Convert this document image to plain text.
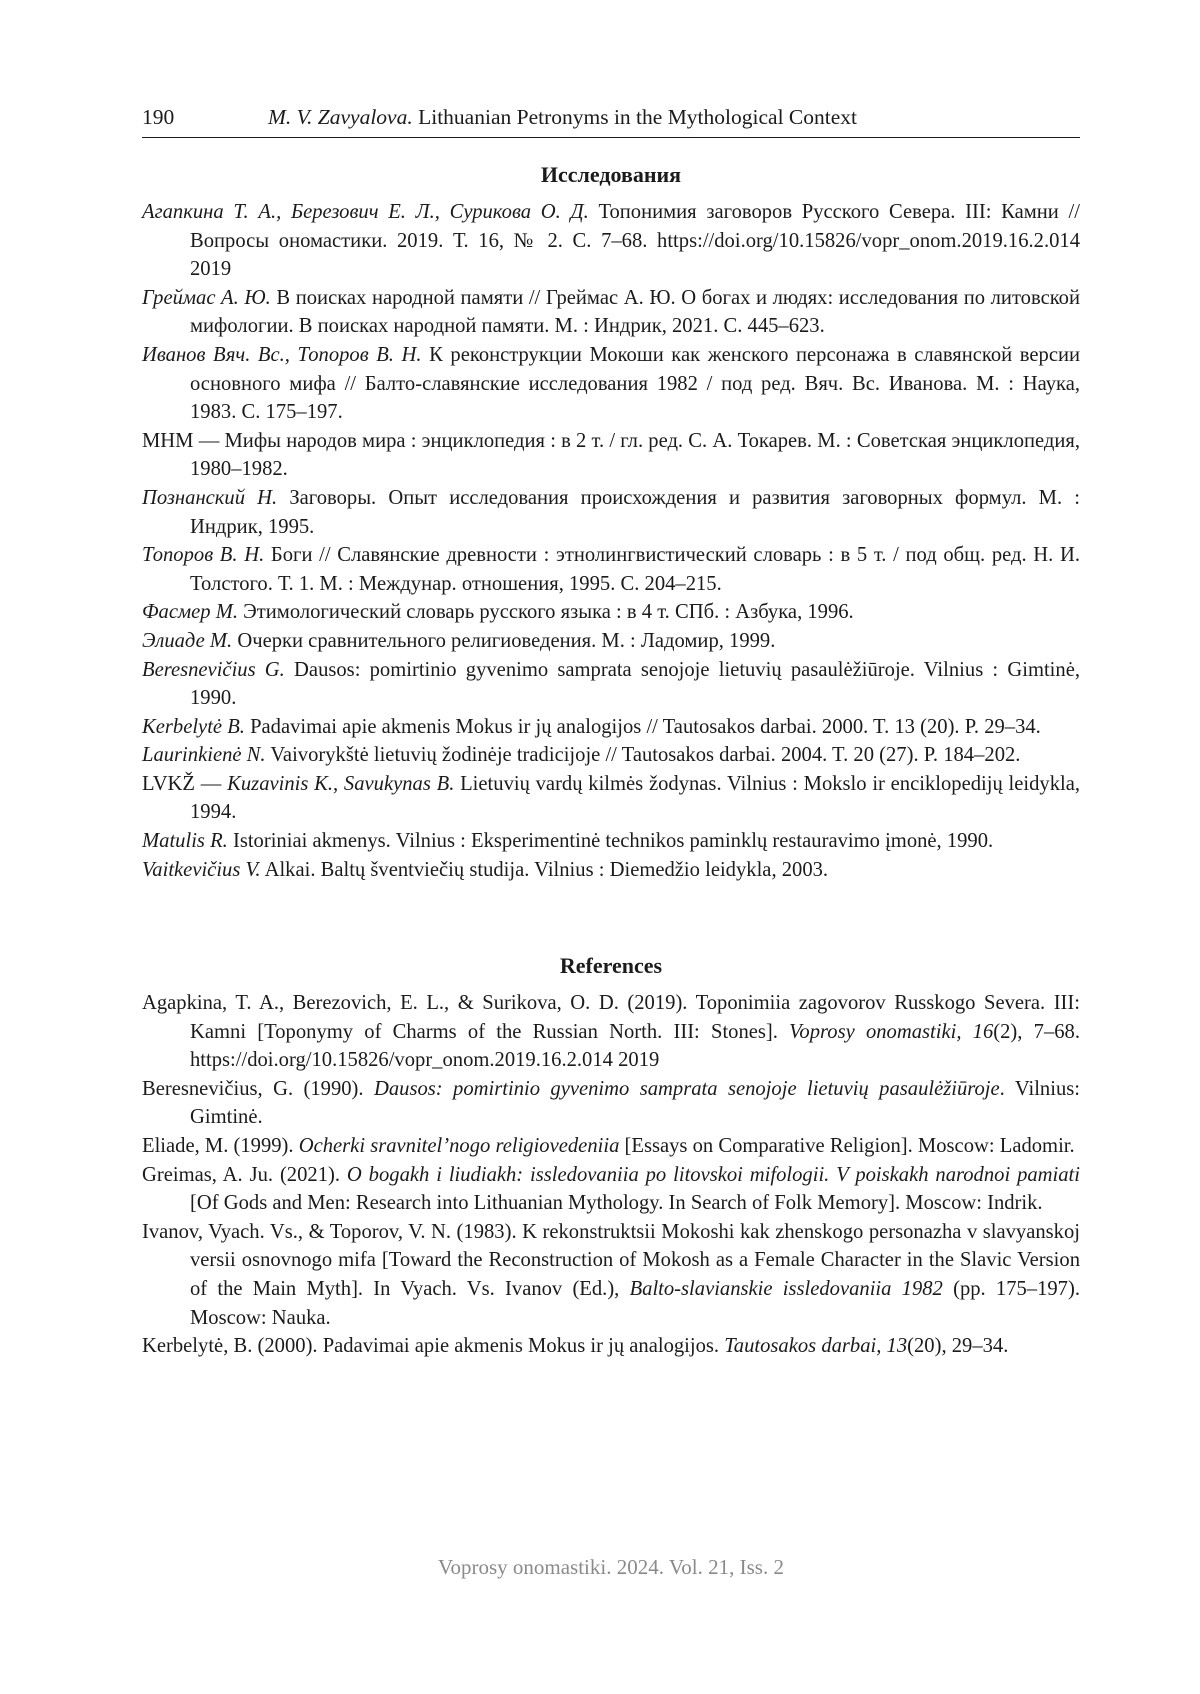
190	M. V. Zavyalova. Lithuanian Petronyms in the Mythological Context
Исследования
Агапкина Т. А., Березович Е. Л., Сурикова О. Д. Топонимия заговоров Русского Севера. III: Камни // Вопросы ономастики. 2019. Т. 16, № 2. С. 7–68. https://doi.org/10.15826/vopr_onom.2019.16.2.014 2019
Греймас А. Ю. В поисках народной памяти // Греймас А. Ю. О богах и людях: исследования по литовской мифологии. В поисках народной памяти. М. : Индрик, 2021. С. 445–623.
Иванов Вяч. Вс., Топоров В. Н. К реконструкции Мокоши как женского персонажа в славянской версии основного мифа // Балто-славянские исследования 1982 / под ред. Вяч. Вс. Иванова. М. : Наука, 1983. С. 175–197.
МНМ — Мифы народов мира : энциклопедия : в 2 т. / гл. ред. С. А. Токарев. М. : Советская энциклопедия, 1980–1982.
Познанский Н. Заговоры. Опыт исследования происхождения и развития заговорных формул. М. : Индрик, 1995.
Топоров В. Н. Боги // Славянские древности : этнолингвистический словарь : в 5 т. / под общ. ред. Н. И. Толстого. Т. 1. М. : Междунар. отношения, 1995. С. 204–215.
Фасмер М. Этимологический словарь русского языка : в 4 т. СПб. : Азбука, 1996.
Элиаде М. Очерки сравнительного религиоведения. М. : Ладомир, 1999.
Beresnevičius G. Dausos: pomirtinio gyvenimo samprata senojoje lietuvių pasaulėžiūroje. Vilnius : Gimtinė, 1990.
Kerbelytė B. Padavimai apie akmenis Mokus ir jų analogijos // Tautosakos darbai. 2000. T. 13 (20). P. 29–34.
Laurinkienė N. Vaivorykštė lietuvių žodinėje tradicijoje // Tautosakos darbai. 2004. T. 20 (27). P. 184–202.
LVKŽ — Kuzavinis K., Savukynas B. Lietuvių vardų kilmės žodynas. Vilnius : Mokslo ir enciklopedijų leidykla, 1994.
Matulis R. Istoriniai akmenys. Vilnius : Eksperimentinė technikos paminklų restauravimo įmonė, 1990.
Vaitkevičius V. Alkai. Baltų šventviečių studija. Vilnius : Diemedžio leidykla, 2003.
References
Agapkina, T. A., Berezovich, E. L., & Surikova, O. D. (2019). Toponimiia zagovorov Russkogo Severa. III: Kamni [Toponymy of Charms of the Russian North. III: Stones]. Voprosy onomastiki, 16(2), 7–68. https://doi.org/10.15826/vopr_onom.2019.16.2.014 2019
Beresnevičius, G. (1990). Dausos: pomirtinio gyvenimo samprata senojoje lietuvių pasaulėžiūroje. Vilnius: Gimtinė.
Eliade, M. (1999). Ocherki sravnitel’nogo religiovedeniia [Essays on Comparative Religion]. Moscow: Ladomir.
Greimas, A. Ju. (2021). O bogakh i liudiakh: issledovaniia po litovskoi mifologii. V poiskakh narodnoi pamiati [Of Gods and Men: Research into Lithuanian Mythology. In Search of Folk Memory]. Moscow: Indrik.
Ivanov, Vyach. Vs., & Toporov, V. N. (1983). K rekonstruktsii Mokoshi kak zhenskogo personazha v slavyanskoj versii osnovnogo mifa [Toward the Reconstruction of Mokosh as a Female Character in the Slavic Version of the Main Myth]. In Vyach. Vs. Ivanov (Ed.), Balto-slavianskie issledovaniia 1982 (pp. 175–197). Moscow: Nauka.
Kerbelytė, B. (2000). Padavimai apie akmenis Mokus ir jų analogijos. Tautosakos darbai, 13(20), 29–34.
Voprosy onomastiki. 2024. Vol. 21, Iss. 2
